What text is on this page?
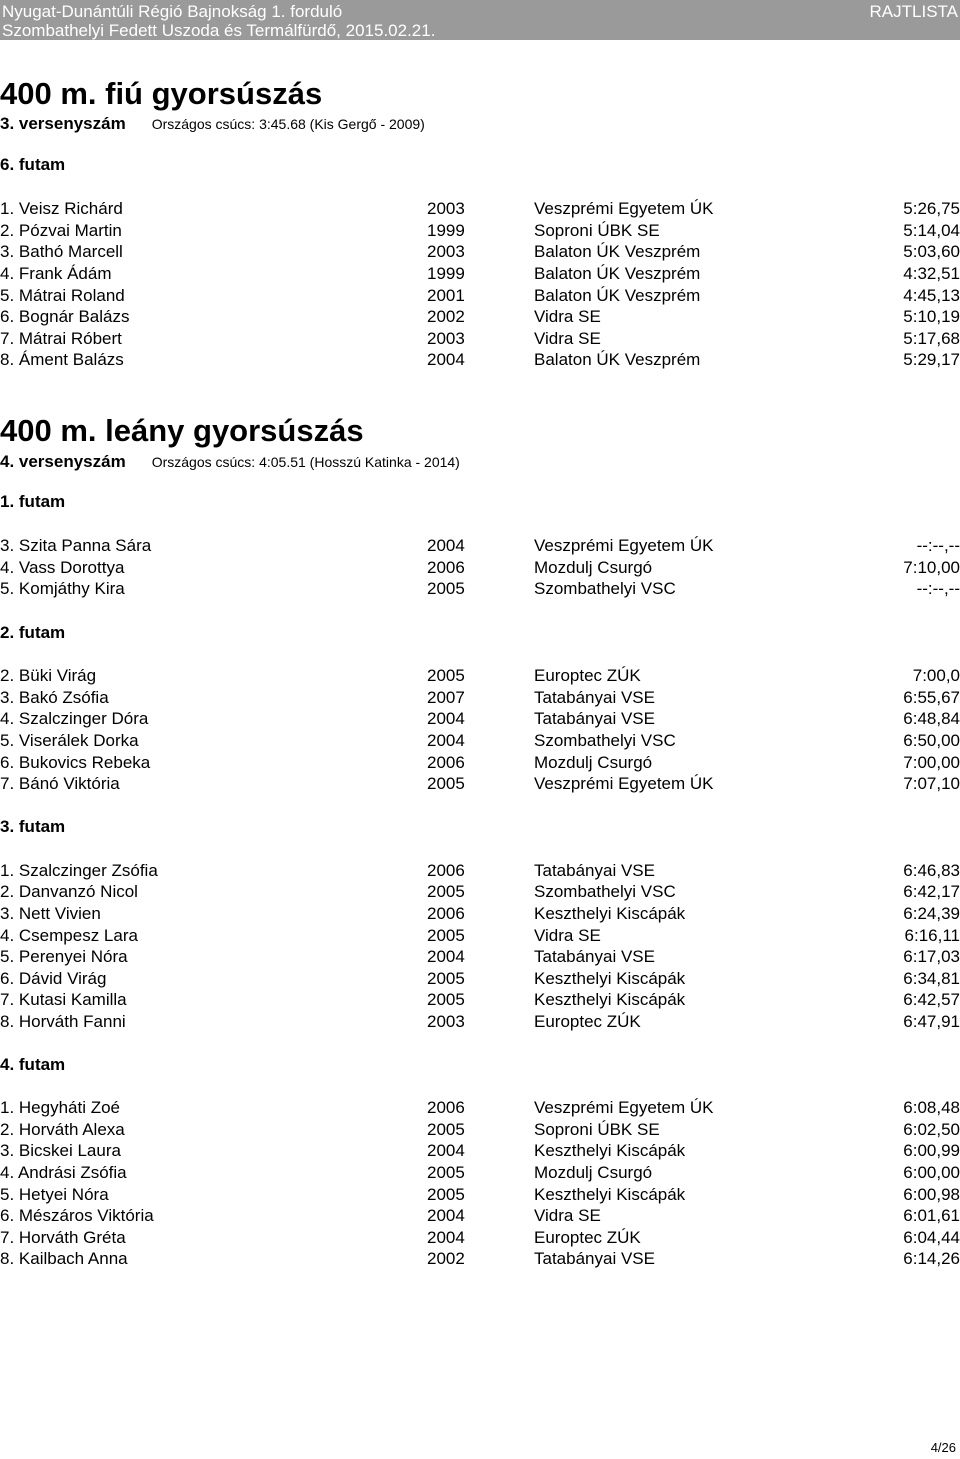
Nyugat-Dunántúli Régió Bajnokság 1. forduló
Szombathelyi Fedett Uszoda és Termálfürdő, 2015.02.21.
RAJTLISTA
400 m. fiú gyorsúszás
3. versenyszám Országos csúcs: 3:45.68 (Kis Gergő - 2009)
6. futam
1. Veisz Richárd	2003	Veszprémi Egyetem ÚK	5:26,75
2. Pózvai Martin	1999	Soproni ÚBK SE	5:14,04
3. Bathó Marcell	2003	Balaton ÚK Veszprém	5:03,60
4. Frank Ádám	1999	Balaton ÚK Veszprém	4:32,51
5. Mátrai Roland	2001	Balaton ÚK Veszprém	4:45,13
6. Bognár Balázs	2002	Vidra SE	5:10,19
7. Mátrai Róbert	2003	Vidra SE	5:17,68
8. Áment Balázs	2004	Balaton ÚK Veszprém	5:29,17
400 m. leány gyorsúszás
4. versenyszám Országos csúcs: 4:05.51 (Hosszú Katinka - 2014)
1. futam
3. Szita Panna Sára	2004	Veszprémi Egyetem ÚK	--:--,--
4. Vass Dorottya	2006	Mozdulj Csurgó	7:10,00
5. Komjáthy Kira	2005	Szombathelyi VSC	--:--,--
2. futam
2. Büki Virág	2005	Europtec ZÚK	7:00,0
3. Bakó Zsófia	2007	Tatabányai VSE	6:55,67
4. Szalczinger Dóra	2004	Tatabányai VSE	6:48,84
5. Viserálek Dorka	2004	Szombathelyi VSC	6:50,00
6. Bukovics Rebeka	2006	Mozdulj Csurgó	7:00,00
7. Bánó Viktória	2005	Veszprémi Egyetem ÚK	7:07,10
3. futam
1. Szalczinger Zsófia	2006	Tatabányai VSE	6:46,83
2. Danvanzó Nicol	2005	Szombathelyi VSC	6:42,17
3. Nett Vivien	2006	Keszthelyi Kiscápák	6:24,39
4. Csempesz Lara	2005	Vidra SE	6:16,11
5. Perenyei Nóra	2004	Tatabányai VSE	6:17,03
6. Dávid Virág	2005	Keszthelyi Kiscápák	6:34,81
7. Kutasi Kamilla	2005	Keszthelyi Kiscápák	6:42,57
8. Horváth Fanni	2003	Europtec ZÚK	6:47,91
4. futam
1. Hegyháti Zoé	2006	Veszprémi Egyetem ÚK	6:08,48
2. Horváth Alexa	2005	Soproni ÚBK SE	6:02,50
3. Bicskei Laura	2004	Keszthelyi Kiscápák	6:00,99
4. Andrási Zsófia	2005	Mozdulj Csurgó	6:00,00
5. Hetyei Nóra	2005	Keszthelyi Kiscápák	6:00,98
6. Mészáros Viktória	2004	Vidra SE	6:01,61
7. Horváth Gréta	2004	Europtec ZÚK	6:04,44
8. Kailbach Anna	2002	Tatabányai VSE	6:14,26
4/26
